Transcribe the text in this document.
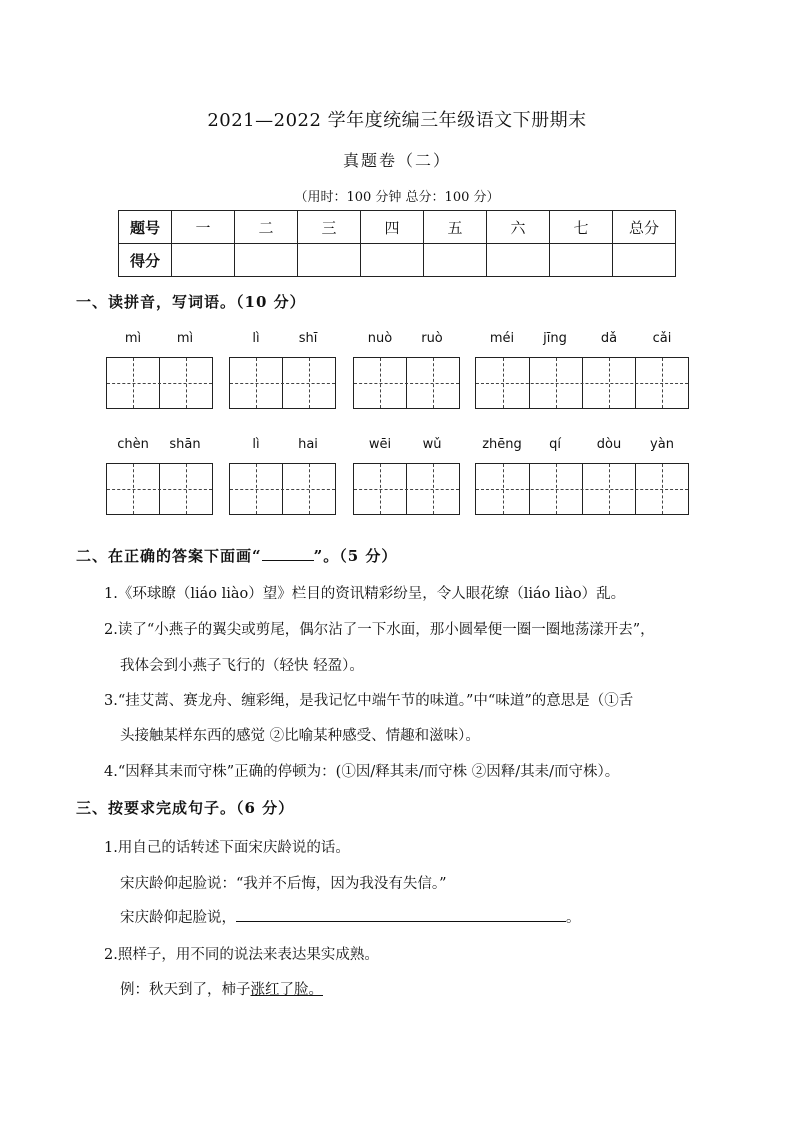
2021—2022 学年度统编三年级语文下册期末
真题卷（二）
（用时：100 分钟 总分：100 分）
题号	一	二	三	四	五	六	七	总分
得分								
一、读拼音，写词语。（10 分）
mì	mì	lì	shī	nuò	ruò	méi	jīng	dǎ	cǎi
chèn	shān	lì	hai	wēi	wǔ	zhēng	qí	dòu	yàn
二、在正确的答案下面画“	”。（5 分）
1.《环球瞭（liáo liào）望》栏目的资讯精彩纷呈，令人眼花缭（liáo liào）乱。
2.读了“小燕子的翼尖或剪尾，偶尔沾了一下水面，那小圆晕便一圈一圈地荡漾开去”，
我体会到小燕子飞行的（轻快 轻盈）。
3.“挂艾蒿、赛龙舟、缠彩绳，是我记忆中端午节的味道。”中“味道”的意思是（①舌
头接触某样东西的感觉 ②比喻某种感受、情趣和滋味）。
4.“因释其耒而守株”正确的停顿为：(①因/释其耒/而守株 ②因释/其耒/而守株）。
三、按要求完成句子。（6 分）
1.用自己的话转述下面宋庆龄说的话。
宋庆龄仰起脸说：“我并不后悔，因为我没有失信。”
宋庆龄仰起脸说，	。
2.照样子，用不同的说法来表达果实成熟。
例：秋天到了，柿子涨红了脸。
